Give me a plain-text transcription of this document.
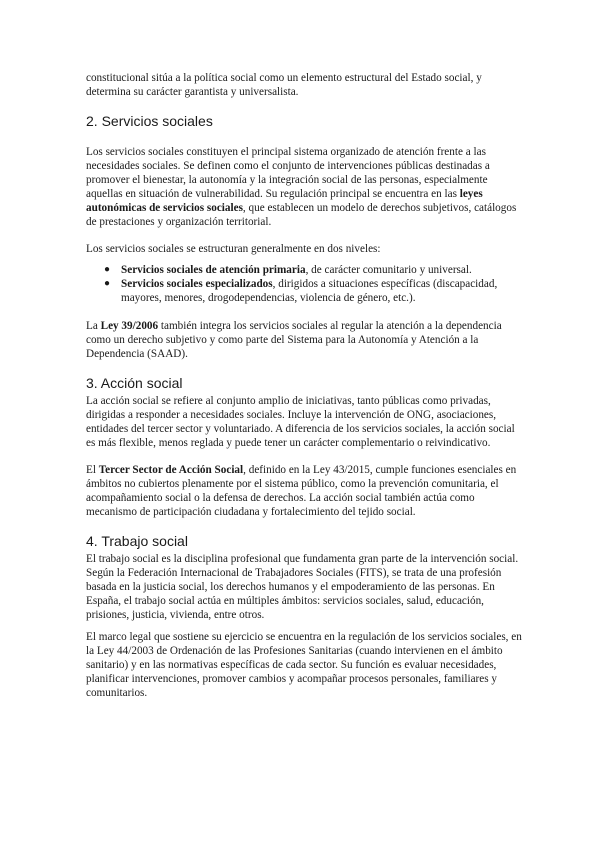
constitucional sitúa a la política social como un elemento estructural del Estado social, y determina su carácter garantista y universalista.

2. Servicios sociales

Los servicios sociales constituyen el principal sistema organizado de atención frente a las necesidades sociales. Se definen como el conjunto de intervenciones públicas destinadas a promover el bienestar, la autonomía y la integración social de las personas, especialmente aquellas en situación de vulnerabilidad. Su regulación principal se encuentra en las leyes autonómicas de servicios sociales, que establecen un modelo de derechos subjetivos, catálogos de prestaciones y organización territorial.

Los servicios sociales se estructuran generalmente en dos niveles:

● Servicios sociales de atención primaria, de carácter comunitario y universal.
● Servicios sociales especializados, dirigidos a situaciones específicas (discapacidad, mayores, menores, drogodependencias, violencia de género, etc.).

La Ley 39/2006 también integra los servicios sociales al regular la atención a la dependencia como un derecho subjetivo y como parte del Sistema para la Autonomía y Atención a la Dependencia (SAAD).

3. Acción social

La acción social se refiere al conjunto amplio de iniciativas, tanto públicas como privadas, dirigidas a responder a necesidades sociales. Incluye la intervención de ONG, asociaciones, entidades del tercer sector y voluntariado. A diferencia de los servicios sociales, la acción social es más flexible, menos reglada y puede tener un carácter complementario o reivindicativo.

El Tercer Sector de Acción Social, definido en la Ley 43/2015, cumple funciones esenciales en ámbitos no cubiertos plenamente por el sistema público, como la prevención comunitaria, el acompañamiento social o la defensa de derechos. La acción social también actúa como mecanismo de participación ciudadana y fortalecimiento del tejido social.

4. Trabajo social

El trabajo social es la disciplina profesional que fundamenta gran parte de la intervención social. Según la Federación Internacional de Trabajadores Sociales (FITS), se trata de una profesión basada en la justicia social, los derechos humanos y el empoderamiento de las personas. En España, el trabajo social actúa en múltiples ámbitos: servicios sociales, salud, educación, prisiones, justicia, vivienda, entre otros.

El marco legal que sostiene su ejercicio se encuentra en la regulación de los servicios sociales, en la Ley 44/2003 de Ordenación de las Profesiones Sanitarias (cuando intervienen en el ámbito sanitario) y en las normativas específicas de cada sector. Su función es evaluar necesidades, planificar intervenciones, promover cambios y acompañar procesos personales, familiares y comunitarios.
